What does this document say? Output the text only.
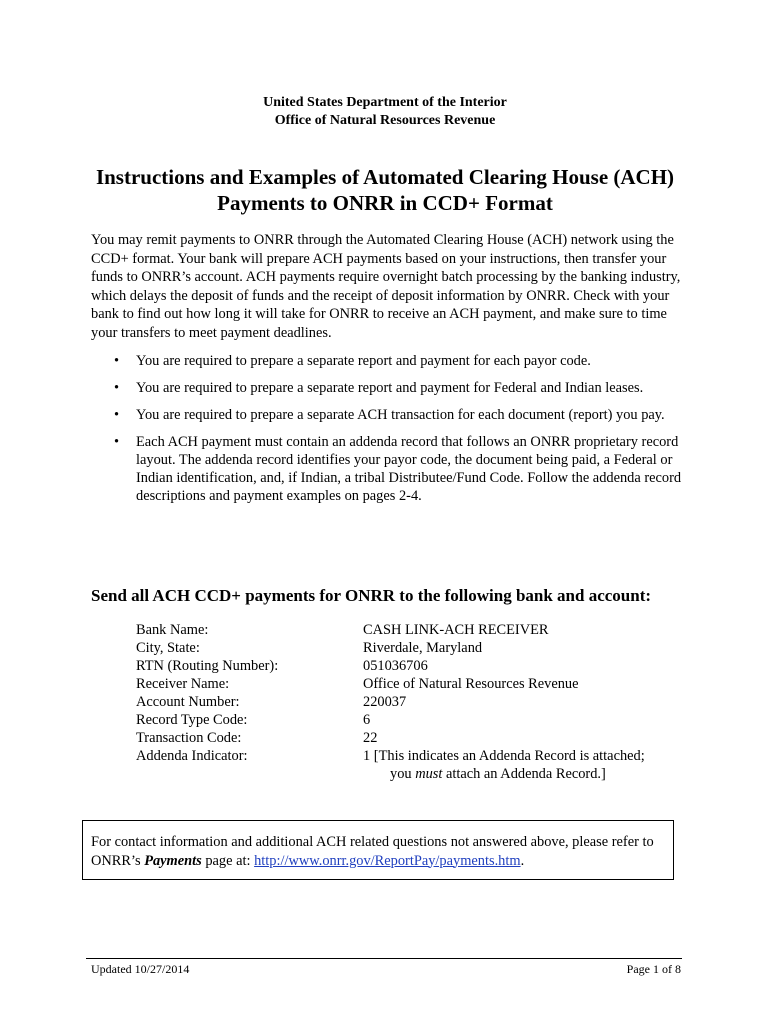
United States Department of the Interior
Office of Natural Resources Revenue
Instructions and Examples of Automated Clearing House (ACH)
Payments to ONRR in CCD+ Format
You may remit payments to ONRR through the Automated Clearing House (ACH) network using the CCD+ format. Your bank will prepare ACH payments based on your instructions, then transfer your funds to ONRR’s account. ACH payments require overnight batch processing by the banking industry, which delays the deposit of funds and the receipt of deposit information by ONRR. Check with your bank to find out how long it will take for ONRR to receive an ACH payment, and make sure to time your transfers to meet payment deadlines.
• You are required to prepare a separate report and payment for each payor code.
• You are required to prepare a separate report and payment for Federal and Indian leases.
• You are required to prepare a separate ACH transaction for each document (report) you pay.
• Each ACH payment must contain an addenda record that follows an ONRR proprietary record layout. The addenda record identifies your payor code, the document being paid, a Federal or Indian identification, and, if Indian, a tribal Distributee/Fund Code. Follow the addenda record descriptions and payment examples on pages 2-4.
Send all ACH CCD+ payments for ONRR to the following bank and account:
Bank Name:	CASH LINK-ACH RECEIVER
City, State:	Riverdale, Maryland
RTN (Routing Number):	051036706
Receiver Name:	Office of Natural Resources Revenue
Account Number:	220037
Record Type Code:	6
Transaction Code:	22
Addenda Indicator:	1 [This indicates an Addenda Record is attached;
you must attach an Addenda Record.]
For contact information and additional ACH related questions not answered above, please refer to ONRR’s Payments page at: http://www.onrr.gov/ReportPay/payments.htm.
Updated 10/27/2014	Page 1 of 8
